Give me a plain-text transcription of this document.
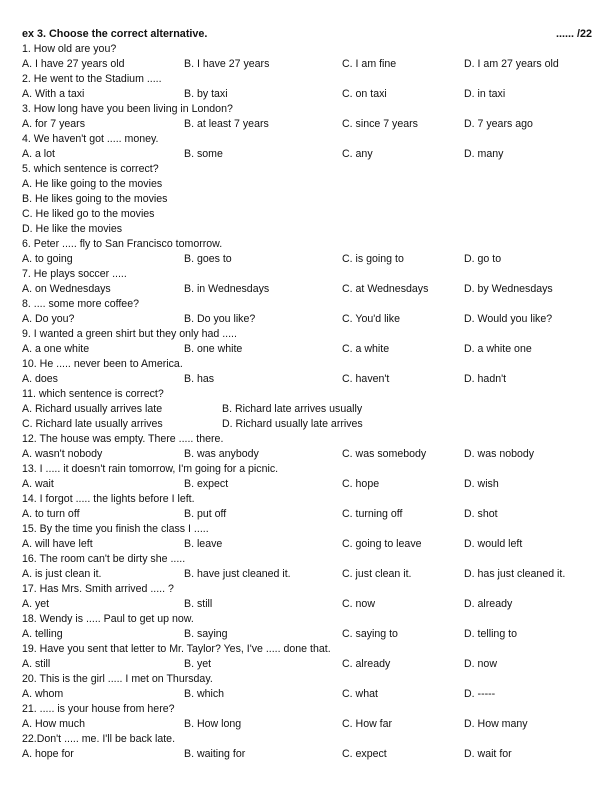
ex 3. Choose the correct alternative.	...... /22
1. How old are you?
A. I have 27 years old	B. I have 27 years	C. I am fine	D. I am 27 years old
2. He went to the Stadium .....
A. With a taxi	B. by taxi	C. on taxi	D. in taxi
3. How long have you been living in London?
A. for 7 years	B. at least 7 years	C. since 7 years	D. 7 years ago
4. We haven't got ..... money.
A. a lot	B. some	C. any	D. many
5. which sentence is correct?
A. He like going to the movies
B. He likes going to the movies
C. He liked go to the movies
D. He like the movies
6. Peter ..... fly to San Francisco tomorrow.
A. to going	B. goes to	C. is going to	D. go to
7. He plays soccer .....
A. on Wednesdays	B. in Wednesdays	C. at Wednesdays	D. by Wednesdays
8. .... some more coffee?
A. Do you?	B. Do you like?	C. You'd like	D. Would you like?
9. I wanted a green shirt but they only had .....
A. a one white	B. one white	C. a white	D. a white one
10. He ..... never been to America.
A. does	B. has	C. haven't	D. hadn't
11. which sentence is correct?
A. Richard usually arrives late	B. Richard late arrives usually
C. Richard late usually arrives	D. Richard usually late arrives
12. The house was empty. There ..... there.
A. wasn't nobody	B. was anybody	C. was somebody	D. was nobody
13. I ..... it doesn't rain tomorrow, I'm going for a picnic.
A. wait	B. expect	C. hope	D. wish
14. I forgot ..... the lights before I left.
A. to turn off	B. put off	C. turning off	D. shot
15. By the time you finish the class I .....
A. will have left	B. leave	C. going to leave	D. would left
16. The room can't be dirty she .....
A. is just clean it.	B. have just cleaned it.	C. just clean it.	D. has just cleaned it.
17. Has Mrs. Smith arrived ..... ?
A. yet	B. still	C. now	D. already
18. Wendy is ..... Paul to get up now.
A. telling	B. saying	C. saying to	D. telling to
19. Have you sent that letter to Mr. Taylor? Yes, I've ..... done that.
A. still	B. yet	C. already	D. now
20. This is the girl ..... I met on Thursday.
A. whom	B. which	C. what	D. -----
21. ..... is your house from here?
A. How much	B. How long	C. How far	D. How many
22.Don't ..... me. I'll be back late.
A. hope for	B. waiting for	C. expect	D. wait for
